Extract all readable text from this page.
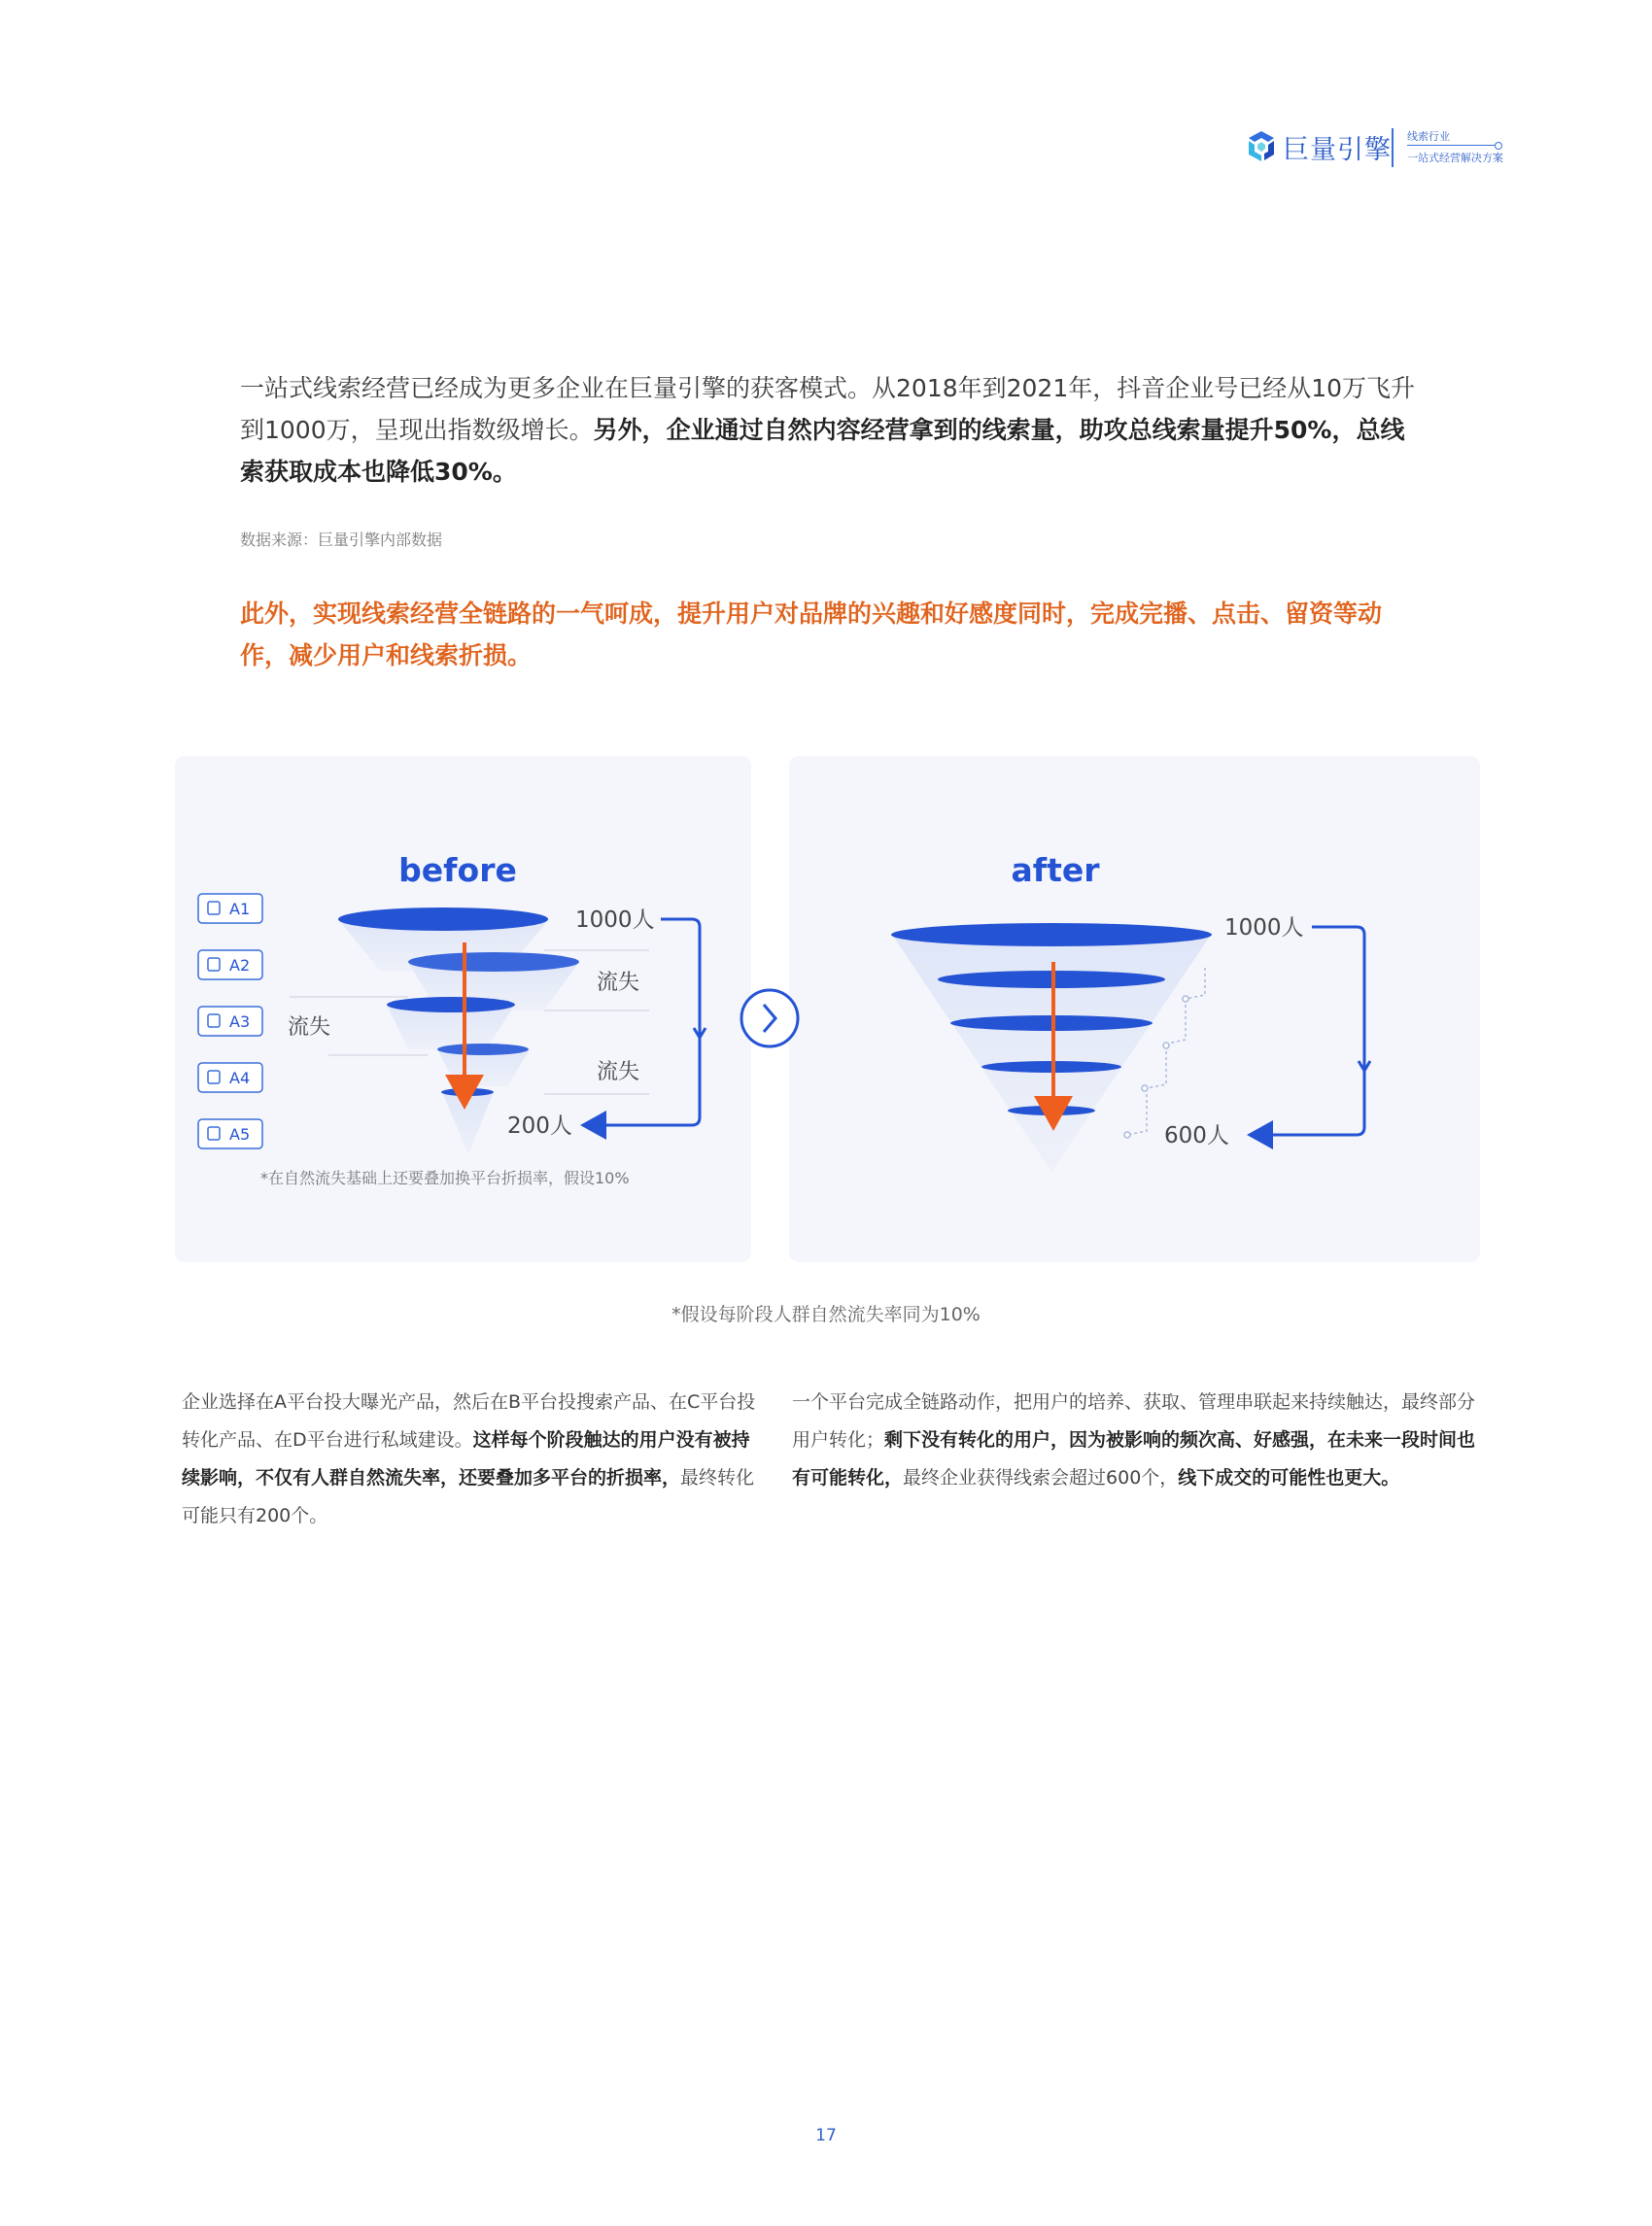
巨量引擎 线索行业
一站式经营解决方案

一站式线索经营已经成为更多企业在巨量引擎的获客模式。从2018年到2021年，抖音企业号已经从10万飞升到1000万，呈现出指数级增长。另外，企业通过自然内容经营拿到的线索量，助攻总线索量提升50%，总线索获取成本也降低30%。

数据来源：巨量引擎内部数据

此外，实现线索经营全链路的一气呵成，提升用户对品牌的兴趣和好感度同时，完成完播、点击、留资等动作，减少用户和线索折损。

before
A1
A2
A3
A4
A5
1000人
流失
流失
流失
200人
*在自然流失基础上还要叠加换平台折损率，假设10%
after
1000人
600人
*假设每阶段人群自然流失率同为10%

企业选择在A平台投大曝光产品，然后在B平台投搜索产品、在C平台投转化产品、在D平台进行私域建设。这样每个阶段触达的用户没有被持续影响，不仅有人群自然流失率，还要叠加多平台的折损率，最终转化可能只有200个。

一个平台完成全链路动作，把用户的培养、获取、管理串联起来持续触达，最终部分用户转化；剩下没有转化的用户，因为被影响的频次高、好感强，在未来一段时间也有可能转化，最终企业获得线索会超过600个，线下成交的可能性也更大。

17
